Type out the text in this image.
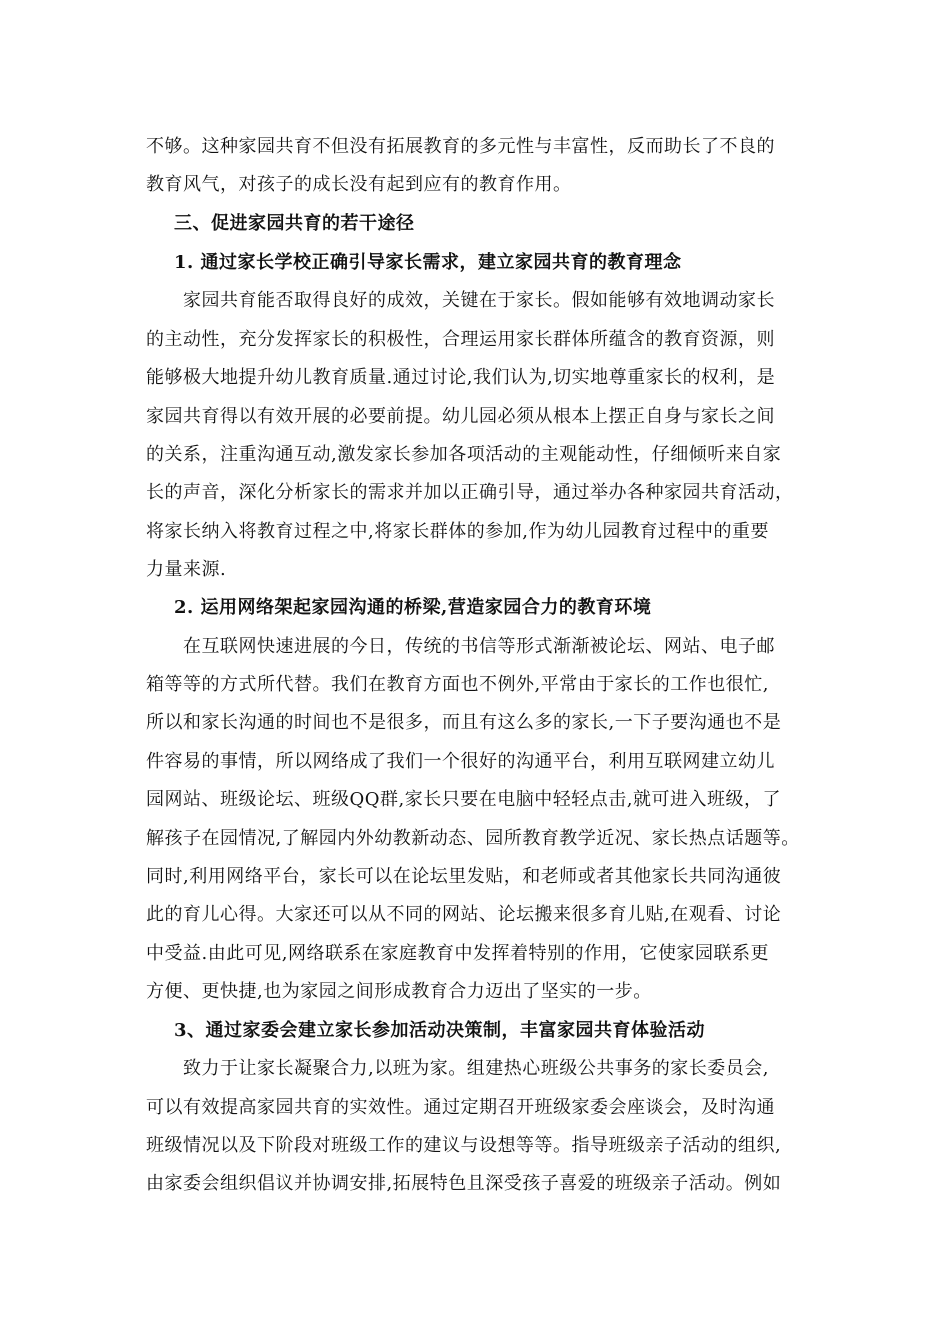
不够。这种家园共育不但没有拓展教育的多元性与丰富性，反而助长了不良的
教育风气，对孩子的成长没有起到应有的教育作用。
三、促进家园共育的若干途径
1. 通过家长学校正确引导家长需求，建立家园共育的教育理念
家园共育能否取得良好的成效，关键在于家长。假如能够有效地调动家长
的主动性，充分发挥家长的积极性，合理运用家长群体所蕴含的教育资源，则
能够极大地提升幼儿教育质量.通过讨论,我们认为,切实地尊重家长的权利，是
家园共育得以有效开展的必要前提。幼儿园必须从根本上摆正自身与家长之间
的关系，注重沟通互动,激发家长参加各项活动的主观能动性，仔细倾听来自家
长的声音，深化分析家长的需求并加以正确引导，通过举办各种家园共育活动，
将家长纳入将教育过程之中,将家长群体的参加,作为幼儿园教育过程中的重要
力量来源.
2. 运用网络架起家园沟通的桥梁,营造家园合力的教育环境
在互联网快速进展的今日，传统的书信等形式渐渐被论坛、网站、电子邮
箱等等的方式所代替。我们在教育方面也不例外,平常由于家长的工作也很忙,
所以和家长沟通的时间也不是很多，而且有这么多的家长,一下子要沟通也不是
件容易的事情，所以网络成了我们一个很好的沟通平台，利用互联网建立幼儿
园网站、班级论坛、班级QQ群,家长只要在电脑中轻轻点击,就可进入班级，了
解孩子在园情况,了解园内外幼教新动态、园所教育教学近况、家长热点话题等。
同时,利用网络平台，家长可以在论坛里发贴，和老师或者其他家长共同沟通彼
此的育儿心得。大家还可以从不同的网站、论坛搬来很多育儿贴,在观看、讨论
中受益.由此可见,网络联系在家庭教育中发挥着特别的作用，它使家园联系更
方便、更快捷,也为家园之间形成教育合力迈出了坚实的一步。
3、通过家委会建立家长参加活动决策制，丰富家园共育体验活动
致力于让家长凝聚合力,以班为家。组建热心班级公共事务的家长委员会,
可以有效提高家园共育的实效性。通过定期召开班级家委会座谈会，及时沟通
班级情况以及下阶段对班级工作的建议与设想等等。指导班级亲子活动的组织,
由家委会组织倡议并协调安排,拓展特色且深受孩子喜爱的班级亲子活动。例如
